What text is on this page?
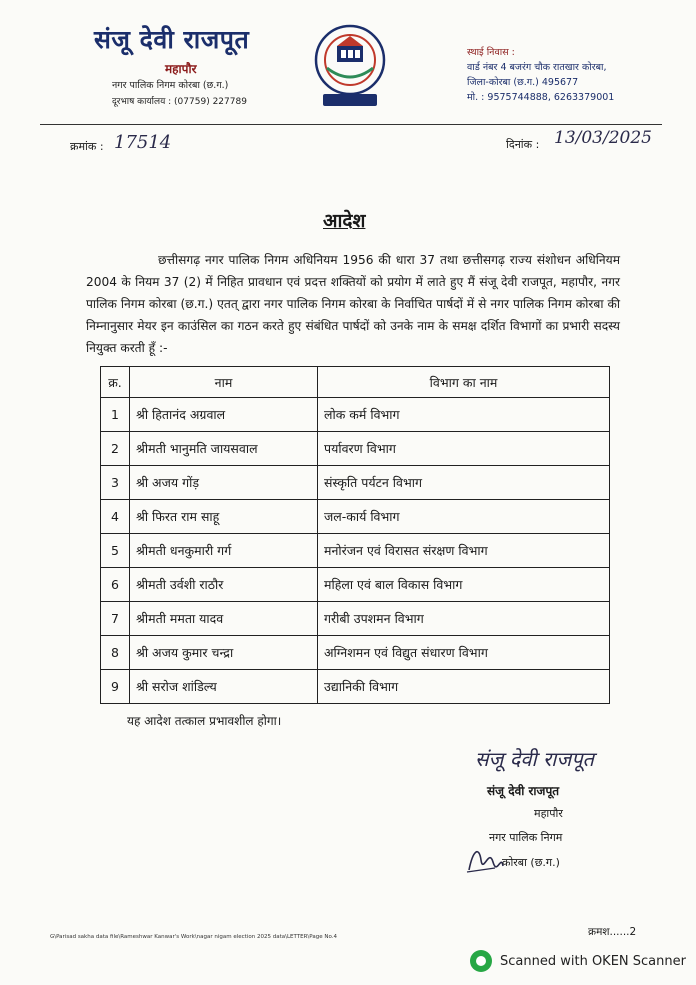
संजू देवी राजपूत
महापौर
नगर पालिक निगम कोरबा (छ.ग.)
दूरभाष कार्यालय : (07759) 227789
स्थाई निवास :
वार्ड नंबर 4 बजरंग चौक रातखार कोरबा,
जिला-कोरबा (छ.ग.) 495677
मो. : 9575744888, 6263379001
क्रमांक : 17514	दिनांक : 13/03/2025
आदेश
छत्तीसगढ़ नगर पालिक निगम अधिनियम 1956 की धारा 37 तथा छत्तीसगढ़ राज्य संशोधन अधिनियम 2004 के नियम 37 (2) में निहित प्रावधान एवं प्रदत्त शक्तियों को प्रयोग में लाते हुए मैं संजू देवी राजपूत, महापौर, नगर पालिक निगम कोरबा (छ.ग.) एतत् द्वारा नगर पालिक निगम कोरबा के निर्वाचित पार्षदों में से नगर पालिक निगम कोरबा की निम्नानुसार मेयर इन काउंसिल का गठन करते हुए संबंधित पार्षदों को उनके नाम के समक्ष दर्शित विभागों का प्रभारी सदस्य नियुक्त करती हूँ :-
क्र.	नाम	विभाग का नाम
1	श्री हितानंद अग्रवाल	लोक कर्म विभाग
2	श्रीमती भानुमति जायसवाल	पर्यावरण विभाग
3	श्री अजय गोंड़	संस्कृति पर्यटन विभाग
4	श्री फिरत राम साहू	जल-कार्य विभाग
5	श्रीमती धनकुमारी गर्ग	मनोरंजन एवं विरासत संरक्षण विभाग
6	श्रीमती उर्वशी राठौर	महिला एवं बाल विकास विभाग
7	श्रीमती ममता यादव	गरीबी उपशमन विभाग
8	श्री अजय कुमार चन्द्रा	अग्निशमन एवं विद्युत संधारण विभाग
9	श्री सरोज शांडिल्य	उद्यानिकी विभाग
यह आदेश तत्काल प्रभावशील होगा।
संजू देवी राजपूत
संजू देवी राजपूत
महापौर
नगर पालिक निगम
कोरबा (छ.ग.)
G\Parisad sakha data file\Rameshwar Kanwar's Work\nagar nigam election 2025 data\LETTER\Page No.4	क्रमश......2
Scanned with OKEN Scanner
